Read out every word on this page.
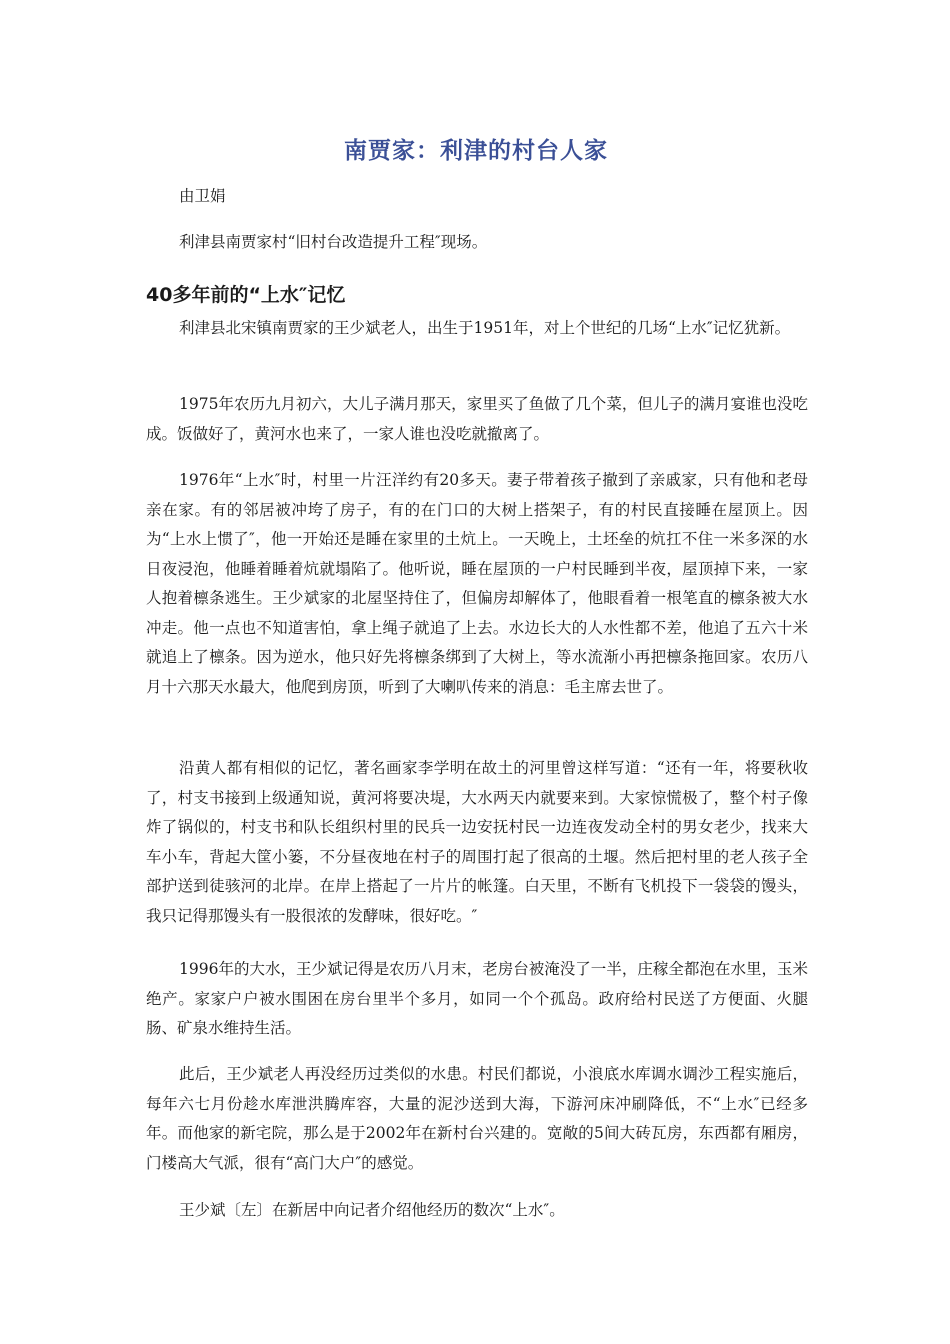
南贾家：利津的村台人家

由卫娟

利津县南贾家村“旧村台改造提升工程″现场。

40多年前的“上水″记忆

利津县北宋镇南贾家的王少斌老人，出生于1951年，对上个世纪的几场“上水″记忆犹新。

1975年农历九月初六，大儿子满月那天，家里买了鱼做了几个菜，但儿子的满月宴谁也没吃成。饭做好了，黄河水也来了，一家人谁也没吃就撤离了。

1976年“上水″时，村里一片汪洋约有20多天。妻子带着孩子撤到了亲戚家，只有他和老母亲在家。有的邻居被冲垮了房子，有的在门口的大树上搭架子，有的村民直接睡在屋顶上。因为“上水上惯了″，他一开始还是睡在家里的土炕上。一天晚上，土坯垒的炕扛不住一米多深的水日夜浸泡，他睡着睡着炕就塌陷了。他听说，睡在屋顶的一户村民睡到半夜，屋顶掉下来，一家人抱着檩条逃生。王少斌家的北屋坚持住了，但偏房却解体了，他眼看着一根笔直的檩条被大水冲走。他一点也不知道害怕，拿上绳子就追了上去。水边长大的人水性都不差，他追了五六十米就追上了檩条。因为逆水，他只好先将檩条绑到了大树上，等水流渐小再把檩条拖回家。农历八月十六那天水最大，他爬到房顶，听到了大喇叭传来的消息：毛主席去世了。

沿黄人都有相似的记忆，著名画家李学明在故土的河里曾这样写道：“还有一年，将要秋收了，村支书接到上级通知说，黄河将要决堤，大水两天内就要来到。大家惊慌极了，整个村子像炸了锅似的，村支书和队长组织村里的民兵一边安抚村民一边连夜发动全村的男女老少，找来大车小车，背起大筐小篓，不分昼夜地在村子的周围打起了很高的土堰。然后把村里的老人孩子全部护送到徒骇河的北岸。在岸上搭起了一片片的帐篷。白天里，不断有飞机投下一袋袋的馒头，我只记得那馒头有一股很浓的发酵味，很好吃。″

1996年的大水，王少斌记得是农历八月末，老房台被淹没了一半，庄稼全都泡在水里，玉米绝产。家家户户被水围困在房台里半个多月，如同一个个孤岛。政府给村民送了方便面、火腿肠、矿泉水维持生活。

此后，王少斌老人再没经历过类似的水患。村民们都说，小浪底水库调水调沙工程实施后，每年六七月份趁水库泄洪腾库容，大量的泥沙送到大海，下游河床冲刷降低，不“上水″已经多年。而他家的新宅院，那么是于2002年在新村台兴建的。宽敞的5间大砖瓦房，东西都有厢房，门楼高大气派，很有“高门大户″的感觉。

王少斌〔左〕在新居中向记者介绍他经历的数次“上水″。
